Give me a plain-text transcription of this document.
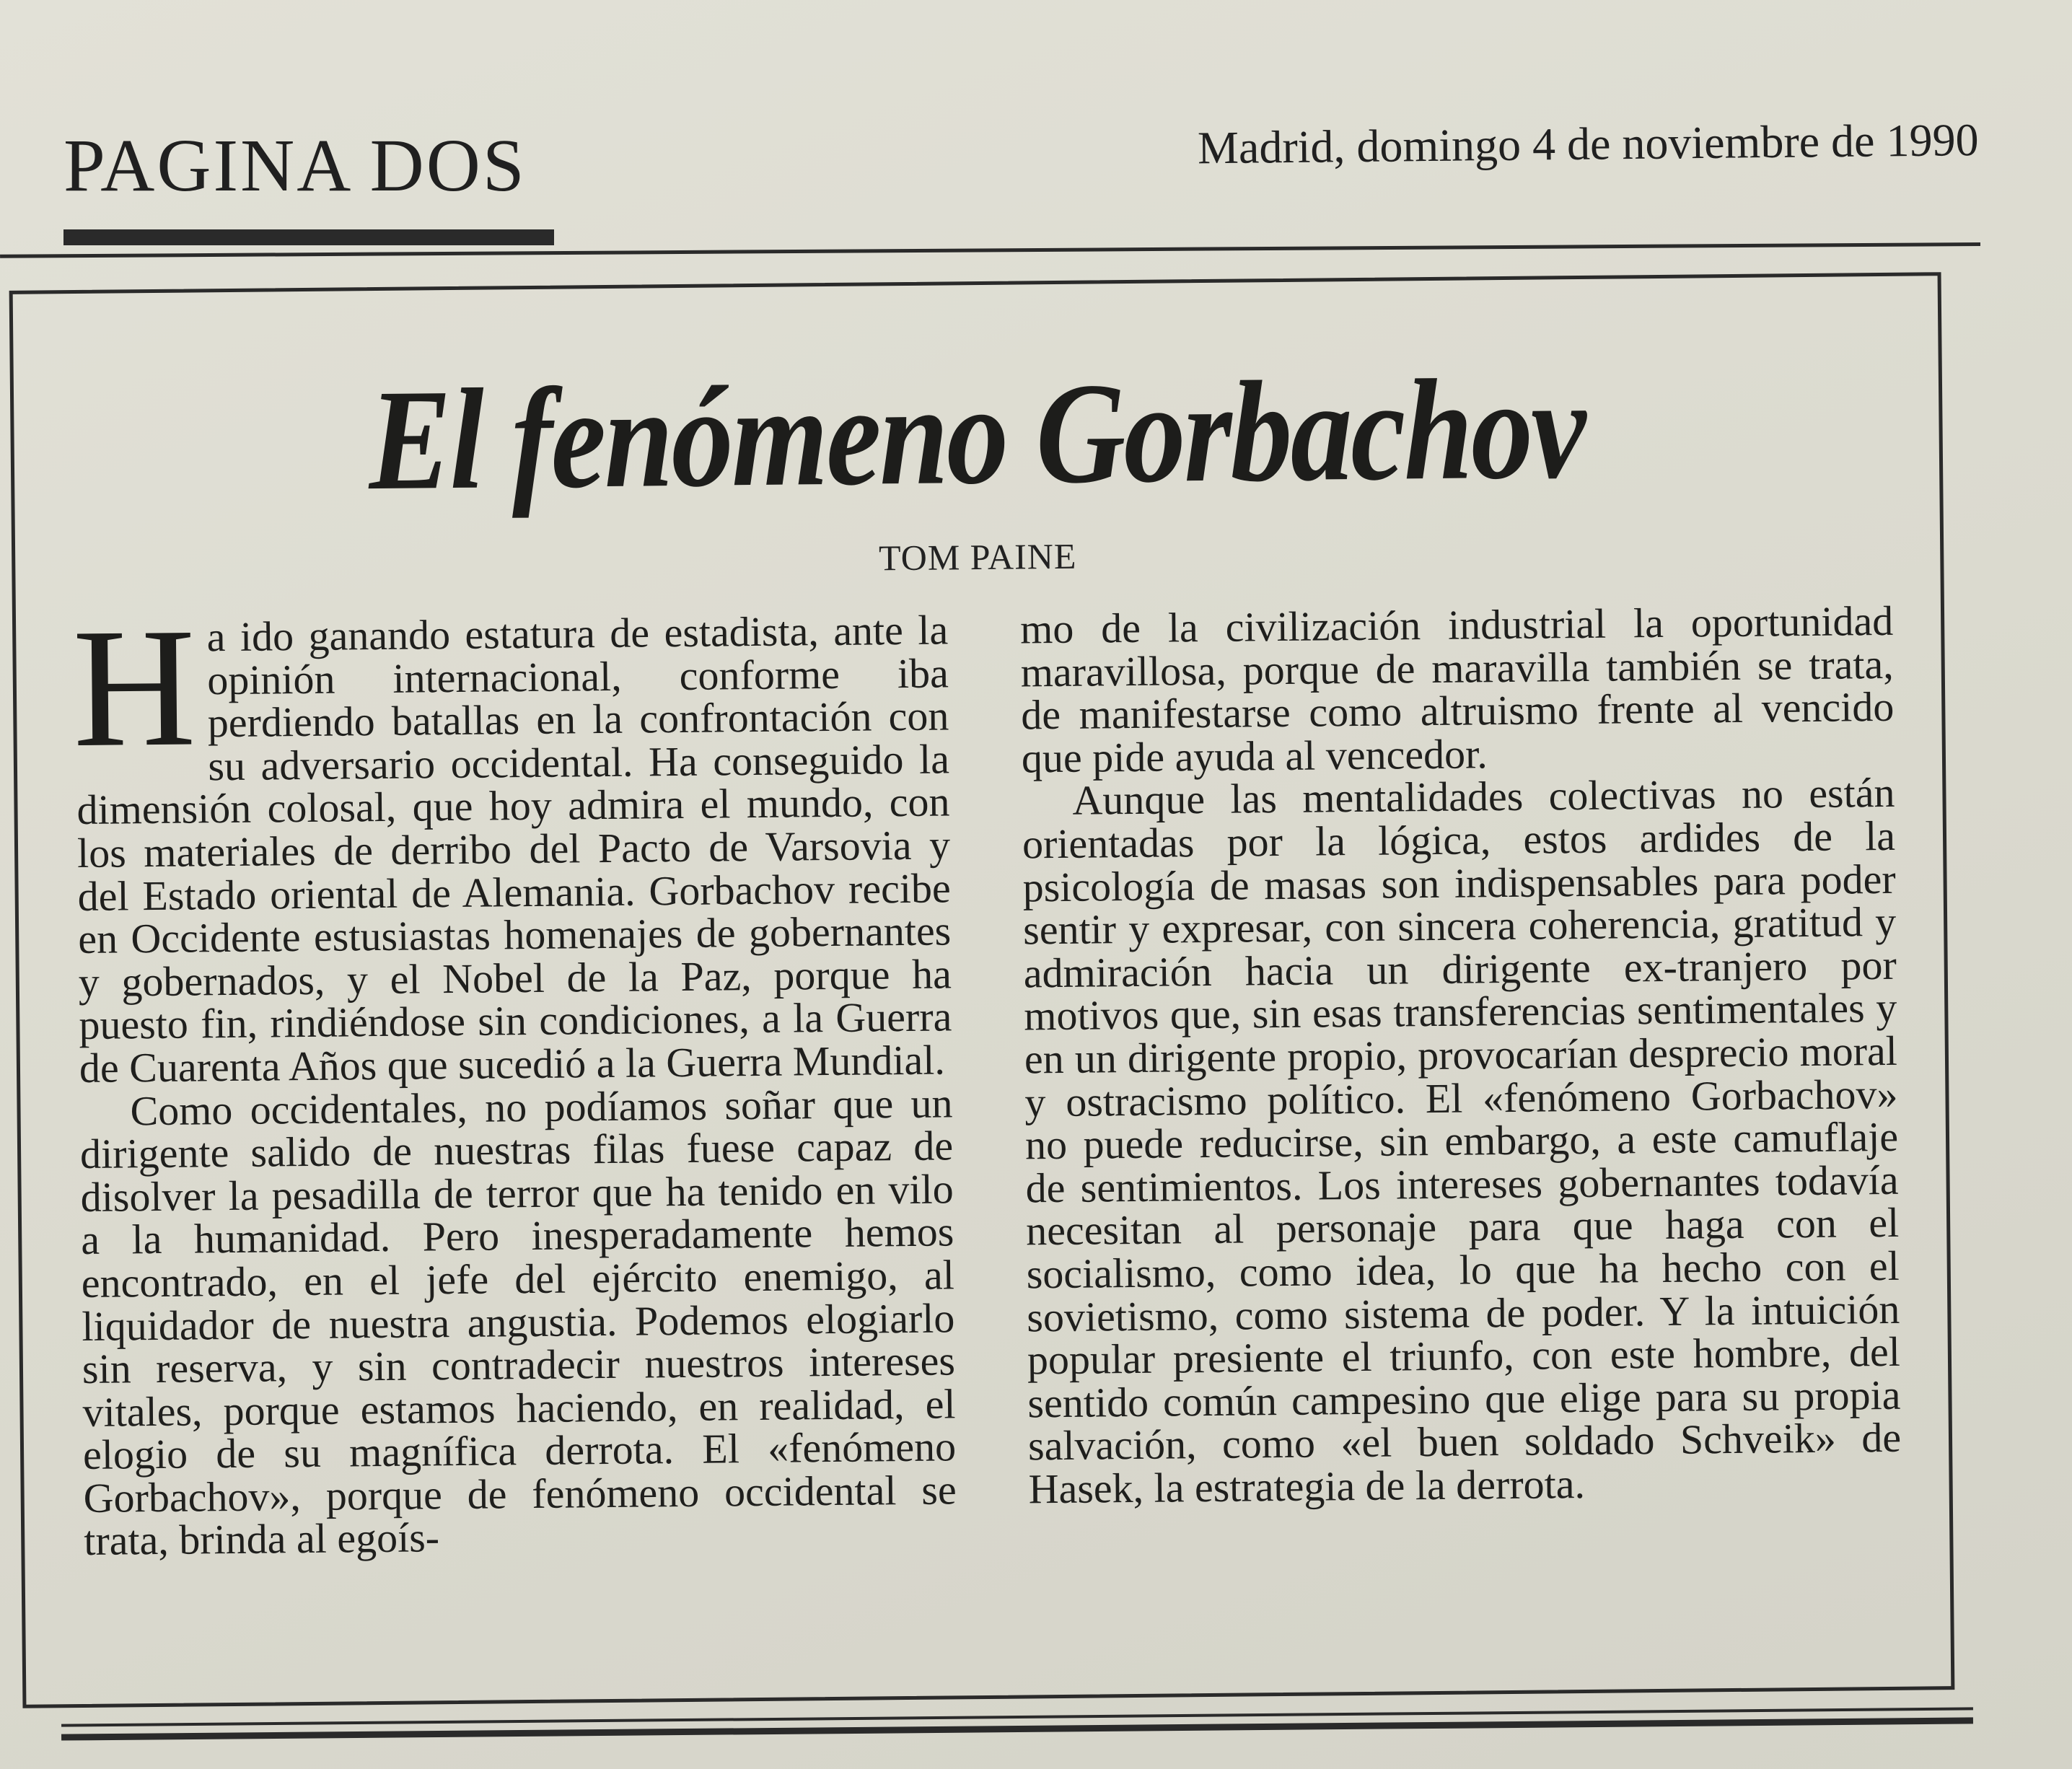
PAGINA DOS	Madrid, domingo 4 de noviembre de 1990
El fenómeno Gorbachov
TOM PAINE

Ha ido ganando estatura de estadista, ante la opinión internacional, conforme iba perdiendo batallas en la confrontación con su adversario occidental. Ha conseguido la dimensión colosal, que hoy admira el mundo, con los materiales de derribo del Pacto de Varsovia y del Estado oriental de Alemania. Gorbachov recibe en Occidente estusiastas homenajes de gobernantes y gobernados, y el Nobel de la Paz, porque ha puesto fin, rindiéndose sin condiciones, a la Guerra de Cuarenta Años que sucedió a la Guerra Mundial.

Como occidentales, no podíamos soñar que un dirigente salido de nuestras filas fuese capaz de disolver la pesadilla de terror que ha tenido en vilo a la humanidad. Pero inesperadamente hemos encontrado, en el jefe del ejército enemigo, al liquidador de nuestra angustia. Podemos elogiarlo sin reserva, y sin contradecir nuestros intereses vitales, porque estamos haciendo, en realidad, el elogio de su magnífica derrota. El «fenómeno Gorbachov», porque de fenómeno occidental se trata, brinda al egoís-

mo de la civilización industrial la oportunidad maravillosa, porque de maravilla también se trata, de manifestarse como altruismo frente al vencido que pide ayuda al vencedor.

Aunque las mentalidades colectivas no están orientadas por la lógica, estos ardides de la psicología de masas son indispensables para poder sentir y expresar, con sincera coherencia, gratitud y admiración hacia un dirigente ex-tranjero por motivos que, sin esas transferencias sentimentales y en un dirigente propio, provocarían desprecio moral y ostracismo político. El «fenómeno Gorbachov» no puede reducirse, sin embargo, a este camuflaje de sentimientos. Los intereses gobernantes todavía necesitan al personaje para que haga con el socialismo, como idea, lo que ha hecho con el sovietismo, como sistema de poder. Y la intuición popular presiente el triunfo, con este hombre, del sentido común campesino que elige para su propia salvación, como «el buen soldado Schveik» de Hasek, la estrategia de la derrota.
